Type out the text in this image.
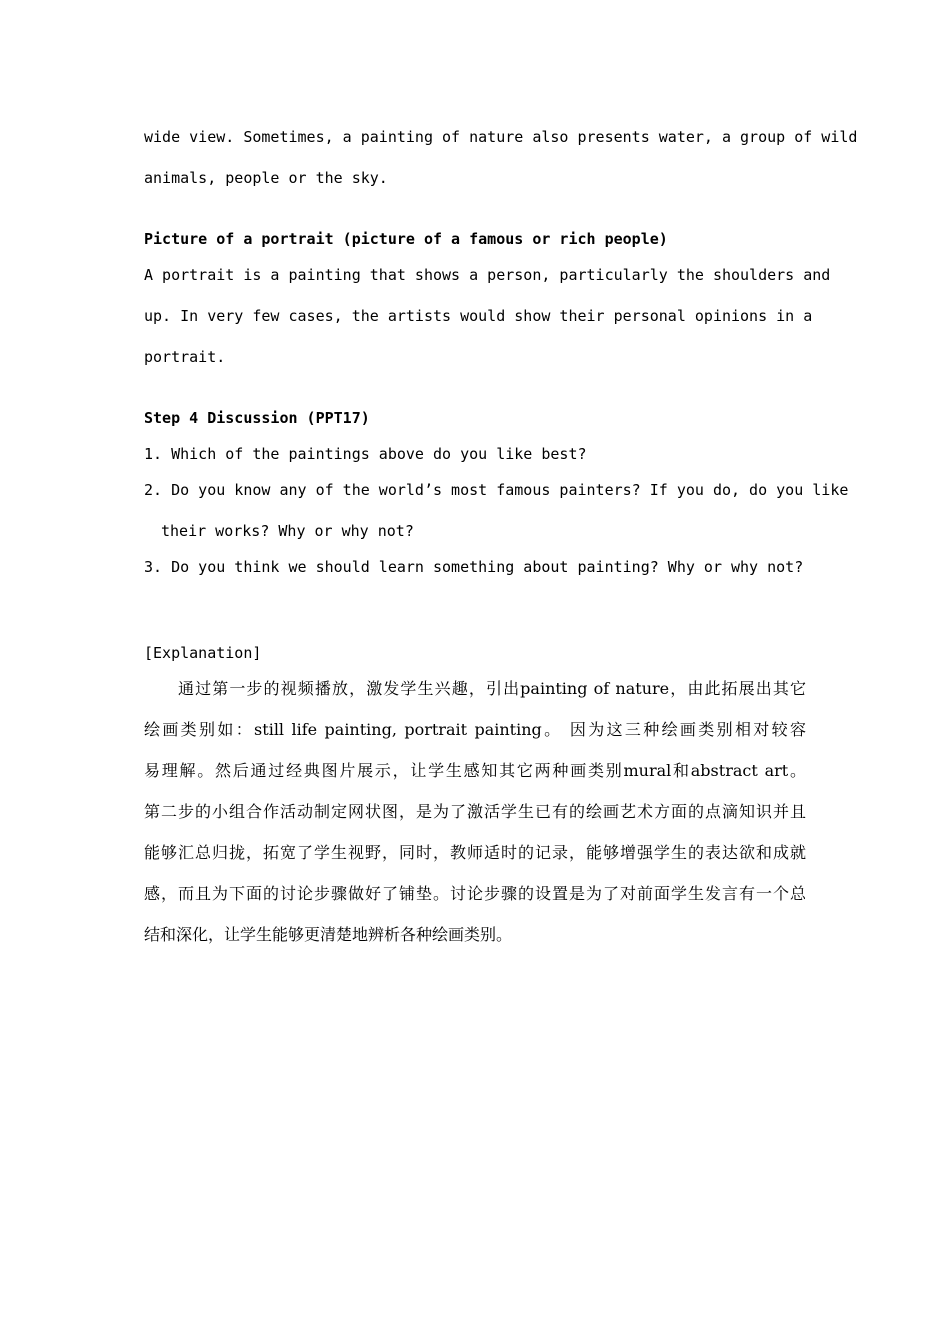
wide view. Sometimes, a painting of nature also presents water, a group of wild

animals, people or the sky.

Picture of a portrait (picture of a famous or rich people)

A portrait is a painting that shows a person, particularly the shoulders and

up. In very few cases, the artists would show their personal opinions in a

portrait.

Step 4 Discussion (PPT17)

1. Which of the paintings above do you like best?

2. Do you know any of the world’s most famous painters? If you do, do you like

their works? Why or why not?

3. Do you think we should learn something about painting? Why or why not?

[Explanation]

通过第一步的视频播放，激发学生兴趣，引出painting of nature，由此拓展出其它

绘画类别如：still life painting, portrait painting。 因为这三种绘画类别相对较容

易理解。然后通过经典图片展示，让学生感知其它两种画类别mural和abstract art。

第二步的小组合作活动制定网状图，是为了激活学生已有的绘画艺术方面的点滴知识并且

能够汇总归拢，拓宽了学生视野，同时，教师适时的记录，能够增强学生的表达欲和成就

感，而且为下面的讨论步骤做好了铺垫。讨论步骤的设置是为了对前面学生发言有一个总

结和深化，让学生能够更清楚地辨析各种绘画类别。
